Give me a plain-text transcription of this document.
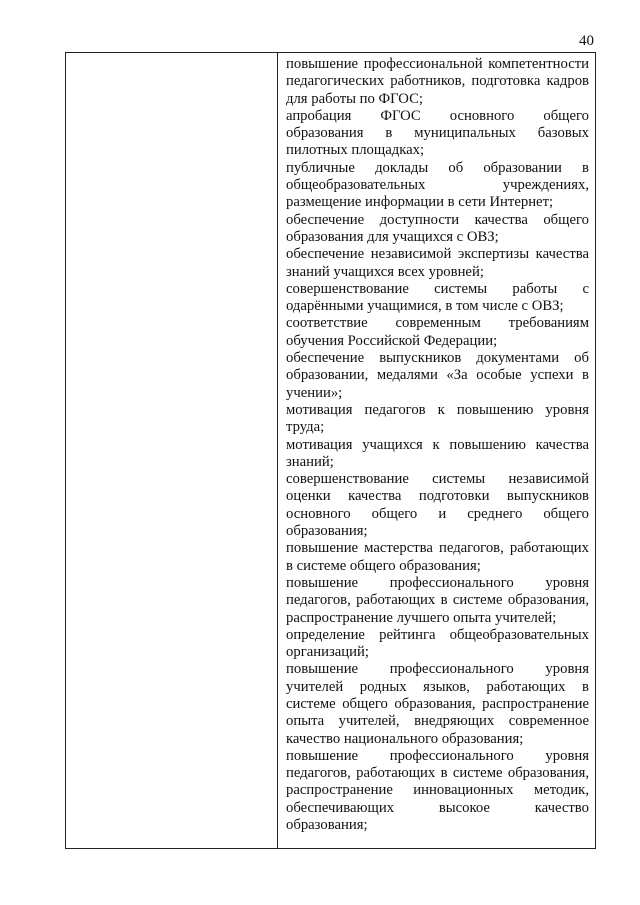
40

повышение профессиональной компетентности педагогических работников, подготовка кадров для работы по ФГОС;

апробация ФГОС основного общего образования в муниципальных базовых пилотных площадках;

публичные доклады об образовании в общеобразовательных учреждениях, размещение информации в сети Интернет;

обеспечение доступности качества общего образования для учащихся с ОВЗ;

обеспечение независимой экспертизы качества знаний учащихся всех уровней;

совершенствование системы работы с одарёнными учащимися, в том числе с ОВЗ;

соответствие современным требованиям обучения Российской Федерации;

обеспечение выпускников документами об образовании, медалями «За особые успехи в учении»;

мотивация педагогов к повышению уровня труда;

мотивация учащихся к повышению качества знаний;

совершенствование системы независимой оценки качества подготовки выпускников основного общего и среднего общего образования;

повышение мастерства педагогов, работающих в системе общего образования;

повышение профессионального уровня педагогов, работающих в системе образования, распространение лучшего опыта учителей;

определение рейтинга общеобразовательных организаций;

повышение профессионального уровня учителей родных языков, работающих в системе общего образования, распространение опыта учителей, внедряющих современное качество национального образования;

повышение профессионального уровня педагогов, работающих в системе образования, распространение инновационных методик, обеспечивающих высокое качество образования;
